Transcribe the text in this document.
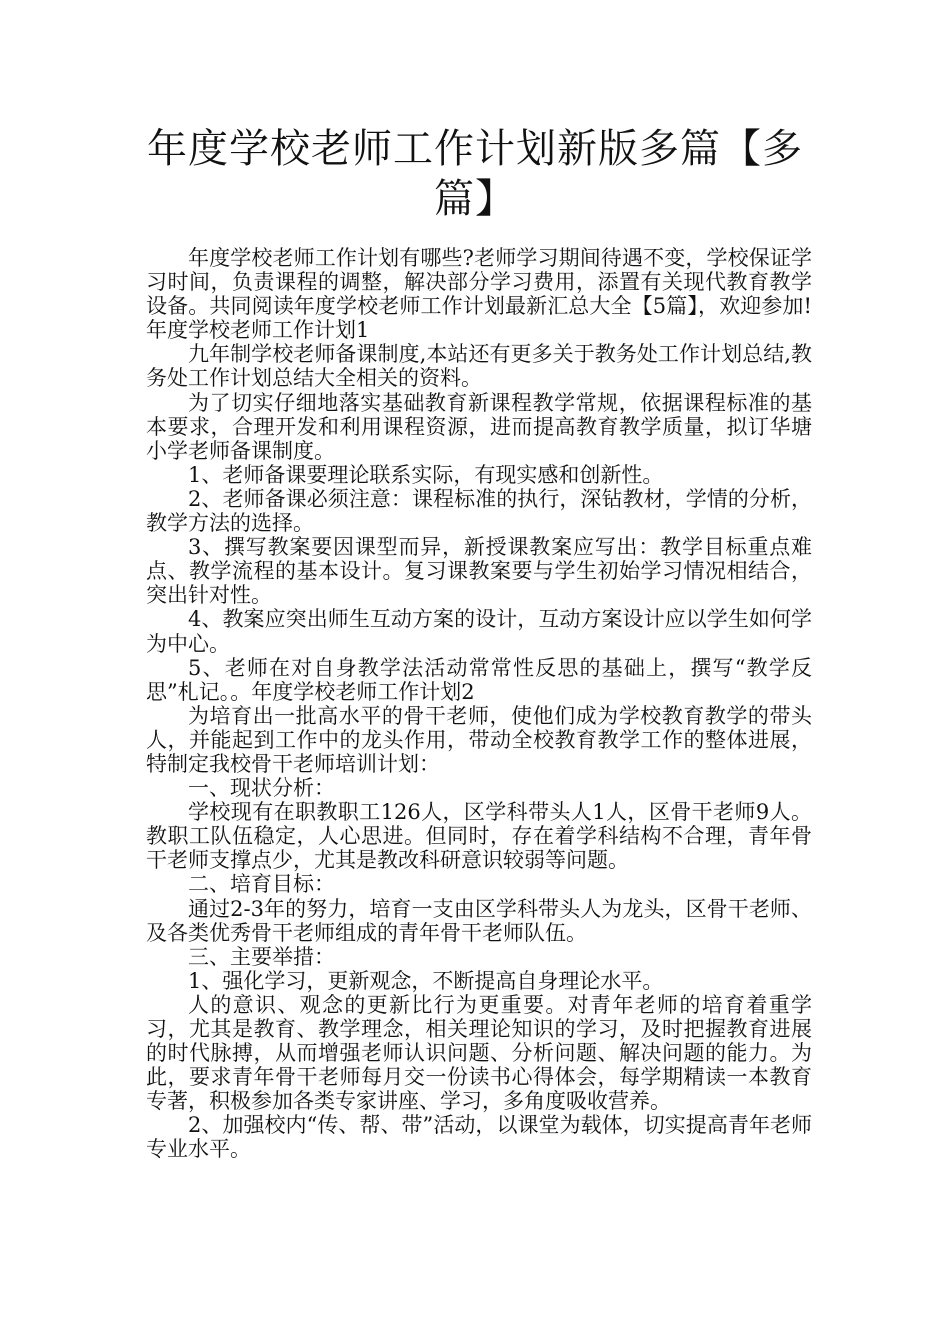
年度学校老师工作计划新版多篇【多篇】

年度学校老师工作计划有哪些?老师学习期间待遇不变，学校保证学习时间，负责课程的调整，解决部分学习费用，添置有关现代教育教学设备。共同阅读年度学校老师工作计划最新汇总大全【5篇】，欢迎参加!年度学校老师工作计划1

九年制学校老师备课制度,本站还有更多关于教务处工作计划总结,教务处工作计划总结大全相关的资料。

为了切实仔细地落实基础教育新课程教学常规，依据课程标准的基本要求，合理开发和利用课程资源，进而提高教育教学质量，拟订华塘小学老师备课制度。

1、老师备课要理论联系实际，有现实感和创新性。

2、老师备课必须注意：课程标准的执行，深钻教材，学情的分析，教学方法的选择。

3、撰写教案要因课型而异，新授课教案应写出：教学目标重点难点、教学流程的基本设计。复习课教案要与学生初始学习情况相结合，突出针对性。

4、教案应突出师生互动方案的设计，互动方案设计应以学生如何学为中心。

5、老师在对自身教学法活动常常性反思的基础上，撰写“教学反思”札记。。年度学校老师工作计划2

为培育出一批高水平的骨干老师，使他们成为学校教育教学的带头人，并能起到工作中的龙头作用，带动全校教育教学工作的整体进展，特制定我校骨干老师培训计划：

一、现状分析：

学校现有在职教职工126人，区学科带头人1人，区骨干老师9人。教职工队伍稳定，人心思进。但同时，存在着学科结构不合理，青年骨干老师支撑点少，尤其是教改科研意识较弱等问题。

二、培育目标：

通过2-3年的努力，培育一支由区学科带头人为龙头，区骨干老师、及各类优秀骨干老师组成的青年骨干老师队伍。

三、主要举措：

1、强化学习，更新观念，不断提高自身理论水平。

人的意识、观念的更新比行为更重要。对青年老师的培育着重学习，尤其是教育、教学理念，相关理论知识的学习，及时把握教育进展的时代脉搏，从而增强老师认识问题、分析问题、解决问题的能力。为此，要求青年骨干老师每月交一份读书心得体会，每学期精读一本教育专著，积极参加各类专家讲座、学习，多角度吸收营养。

2、加强校内“传、帮、带”活动，以课堂为载体，切实提高青年老师专业水平。
